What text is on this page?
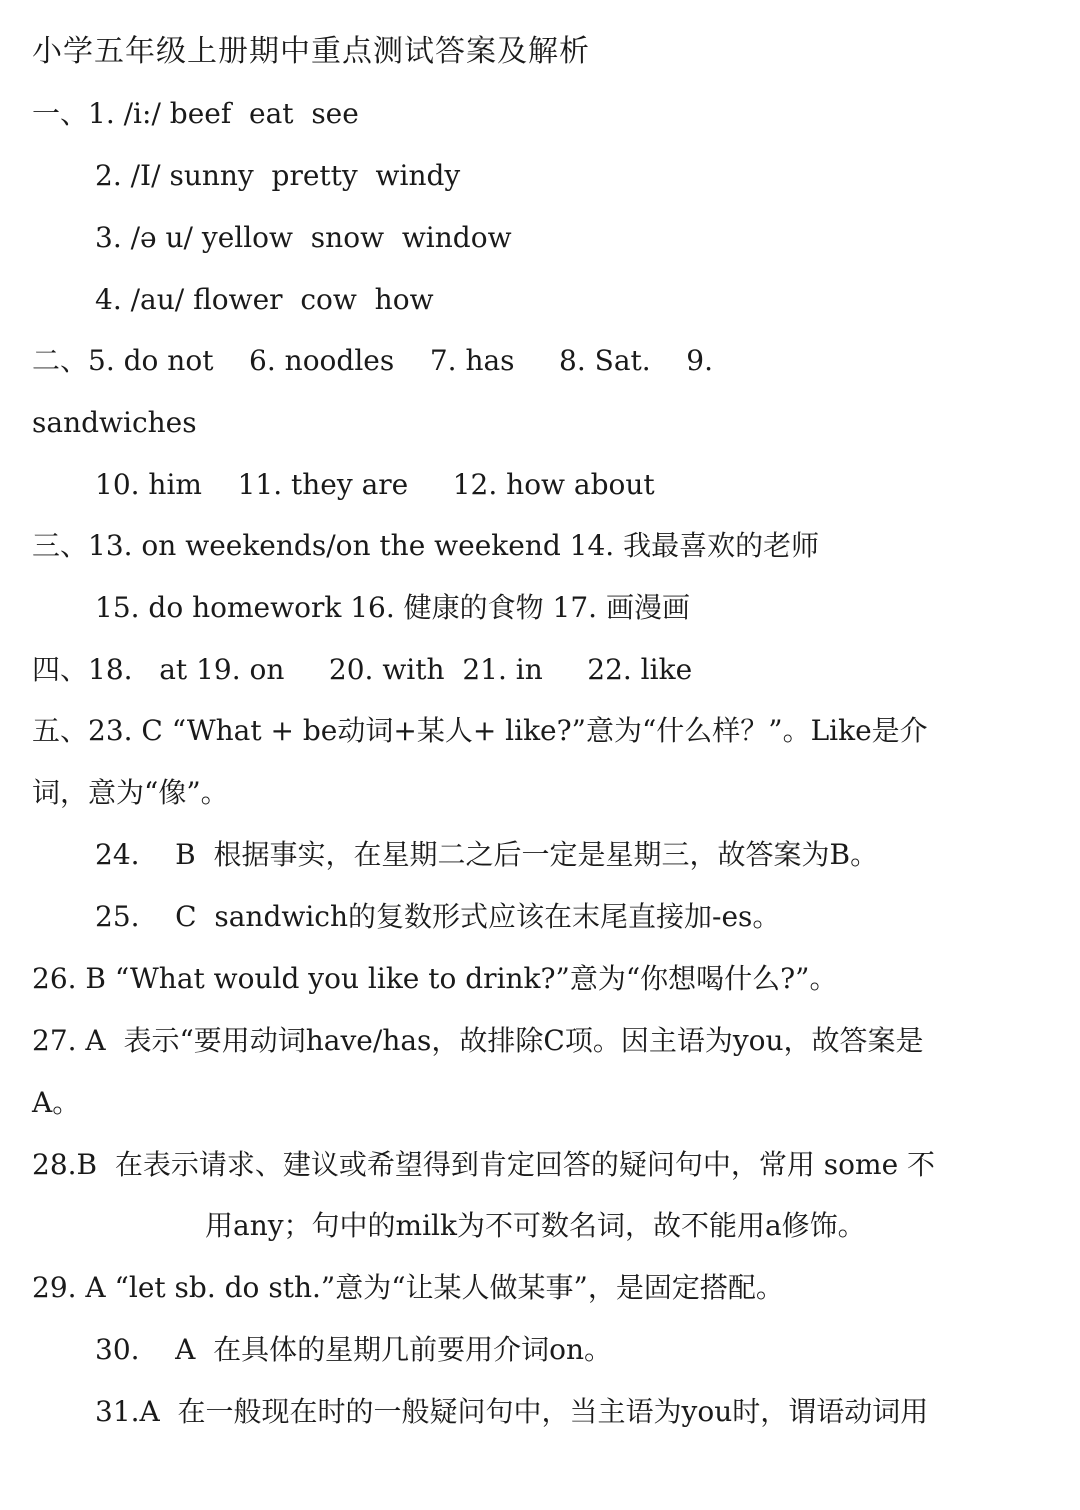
小学五年级上册期中重点测试答案及解析
一、1. /i:/ beef  eat  see
2. /I/ sunny  pretty  windy
3. /ə u/ yellow  snow  window
4. /au/ flower  cow  how
二、5. do not    6. noodles    7. has     8. Sat.    9.
sandwiches
10. him    11. they are     12. how about
三、13. on weekends/on the weekend 14. 我最喜欢的老师
15. do homework 16. 健康的食物 17. 画漫画
四、18.   at 19. on     20. with  21. in     22. like
五、23. C “What + be动词+某人+ like?”意为“什么样？”。Like是介
词，意为“像”。
24.    B  根据事实，在星期二之后一定是星期三，故答案为B。
25.    C  sandwich的复数形式应该在末尾直接加-es。
26. B “What would you like to drink?”意为“你想喝什么?”。
27. A  表示“要用动词have/has，故排除C项。因主语为you，故答案是
A。
28.B  在表示请求、建议或希望得到肯定回答的疑问句中，常用 some 不
用any；句中的milk为不可数名词，故不能用a修饰。
29. A “let sb. do sth.”意为“让某人做某事”，是固定搭配。
30.    A  在具体的星期几前要用介词on。
31.A  在一般现在时的一般疑问句中，当主语为you时，谓语动词用
